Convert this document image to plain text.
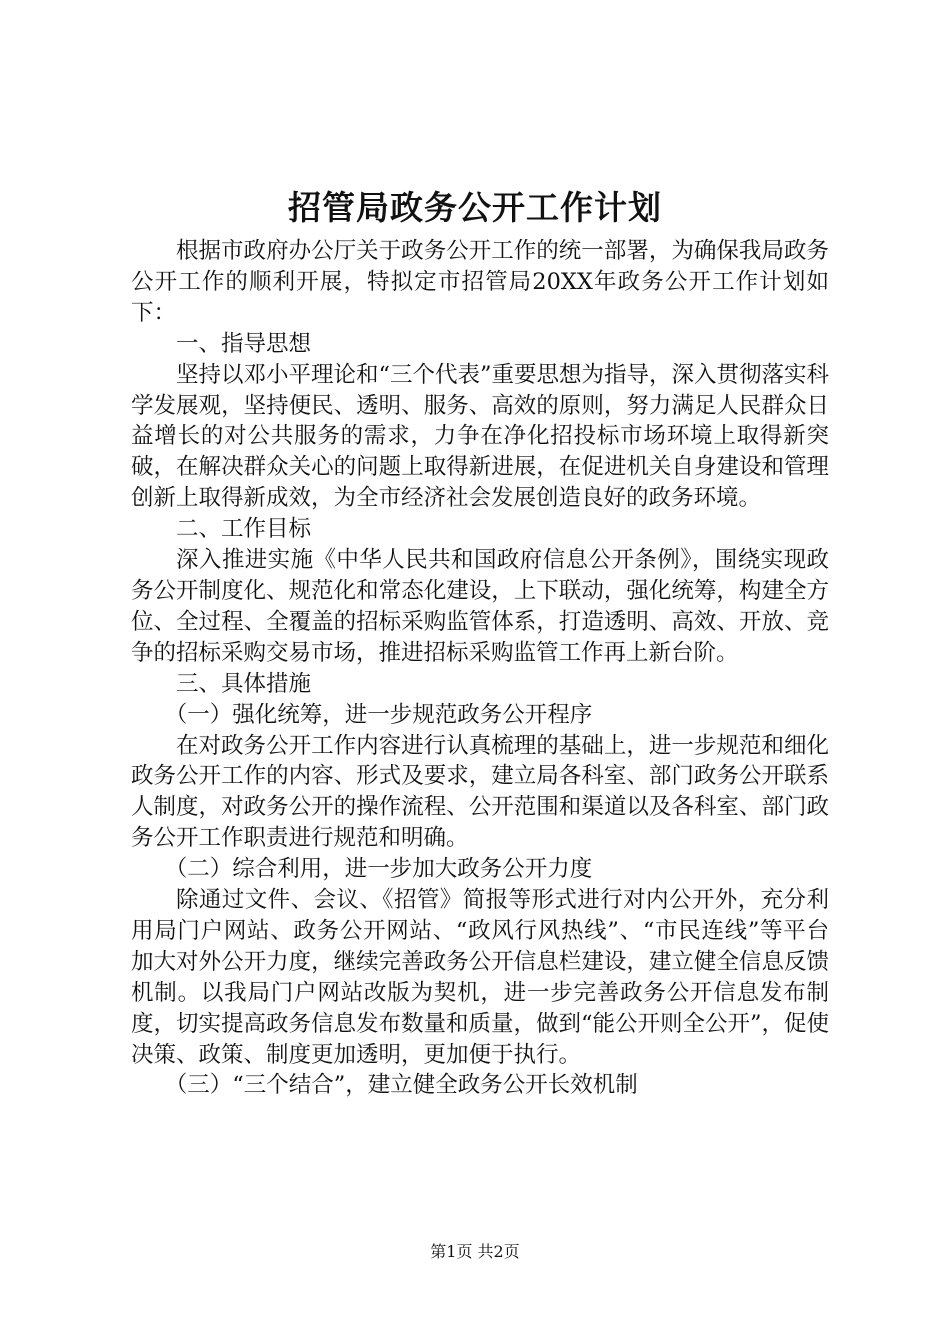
招管局政务公开工作计划

根据市政府办公厅关于政务公开工作的统一部署，为确保我局政务公开工作的顺利开展，特拟定市招管局20XX年政务公开工作计划如下：

一、指导思想

坚持以邓小平理论和“三个代表”重要思想为指导，深入贯彻落实科学发展观，坚持便民、透明、服务、高效的原则，努力满足人民群众日益增长的对公共服务的需求，力争在净化招投标市场环境上取得新突破，在解决群众关心的问题上取得新进展，在促进机关自身建设和管理创新上取得新成效，为全市经济社会发展创造良好的政务环境。

二、工作目标

深入推进实施《中华人民共和国政府信息公开条例》，围绕实现政务公开制度化、规范化和常态化建设，上下联动，强化统筹，构建全方位、全过程、全覆盖的招标采购监管体系，打造透明、高效、开放、竞争的招标采购交易市场，推进招标采购监管工作再上新台阶。

三、具体措施

（一）强化统筹，进一步规范政务公开程序

在对政务公开工作内容进行认真梳理的基础上，进一步规范和细化政务公开工作的内容、形式及要求，建立局各科室、部门政务公开联系人制度，对政务公开的操作流程、公开范围和渠道以及各科室、部门政务公开工作职责进行规范和明确。

（二）综合利用，进一步加大政务公开力度

除通过文件、会议、《招管》简报等形式进行对内公开外，充分利用局门户网站、政务公开网站、“政风行风热线”、“市民连线”等平台加大对外公开力度，继续完善政务公开信息栏建设，建立健全信息反馈机制。以我局门户网站改版为契机，进一步完善政务公开信息发布制度，切实提高政务信息发布数量和质量，做到“能公开则全公开”，促使决策、政策、制度更加透明，更加便于执行。

（三）“三个结合”，建立健全政务公开长效机制

第1页 共2页
